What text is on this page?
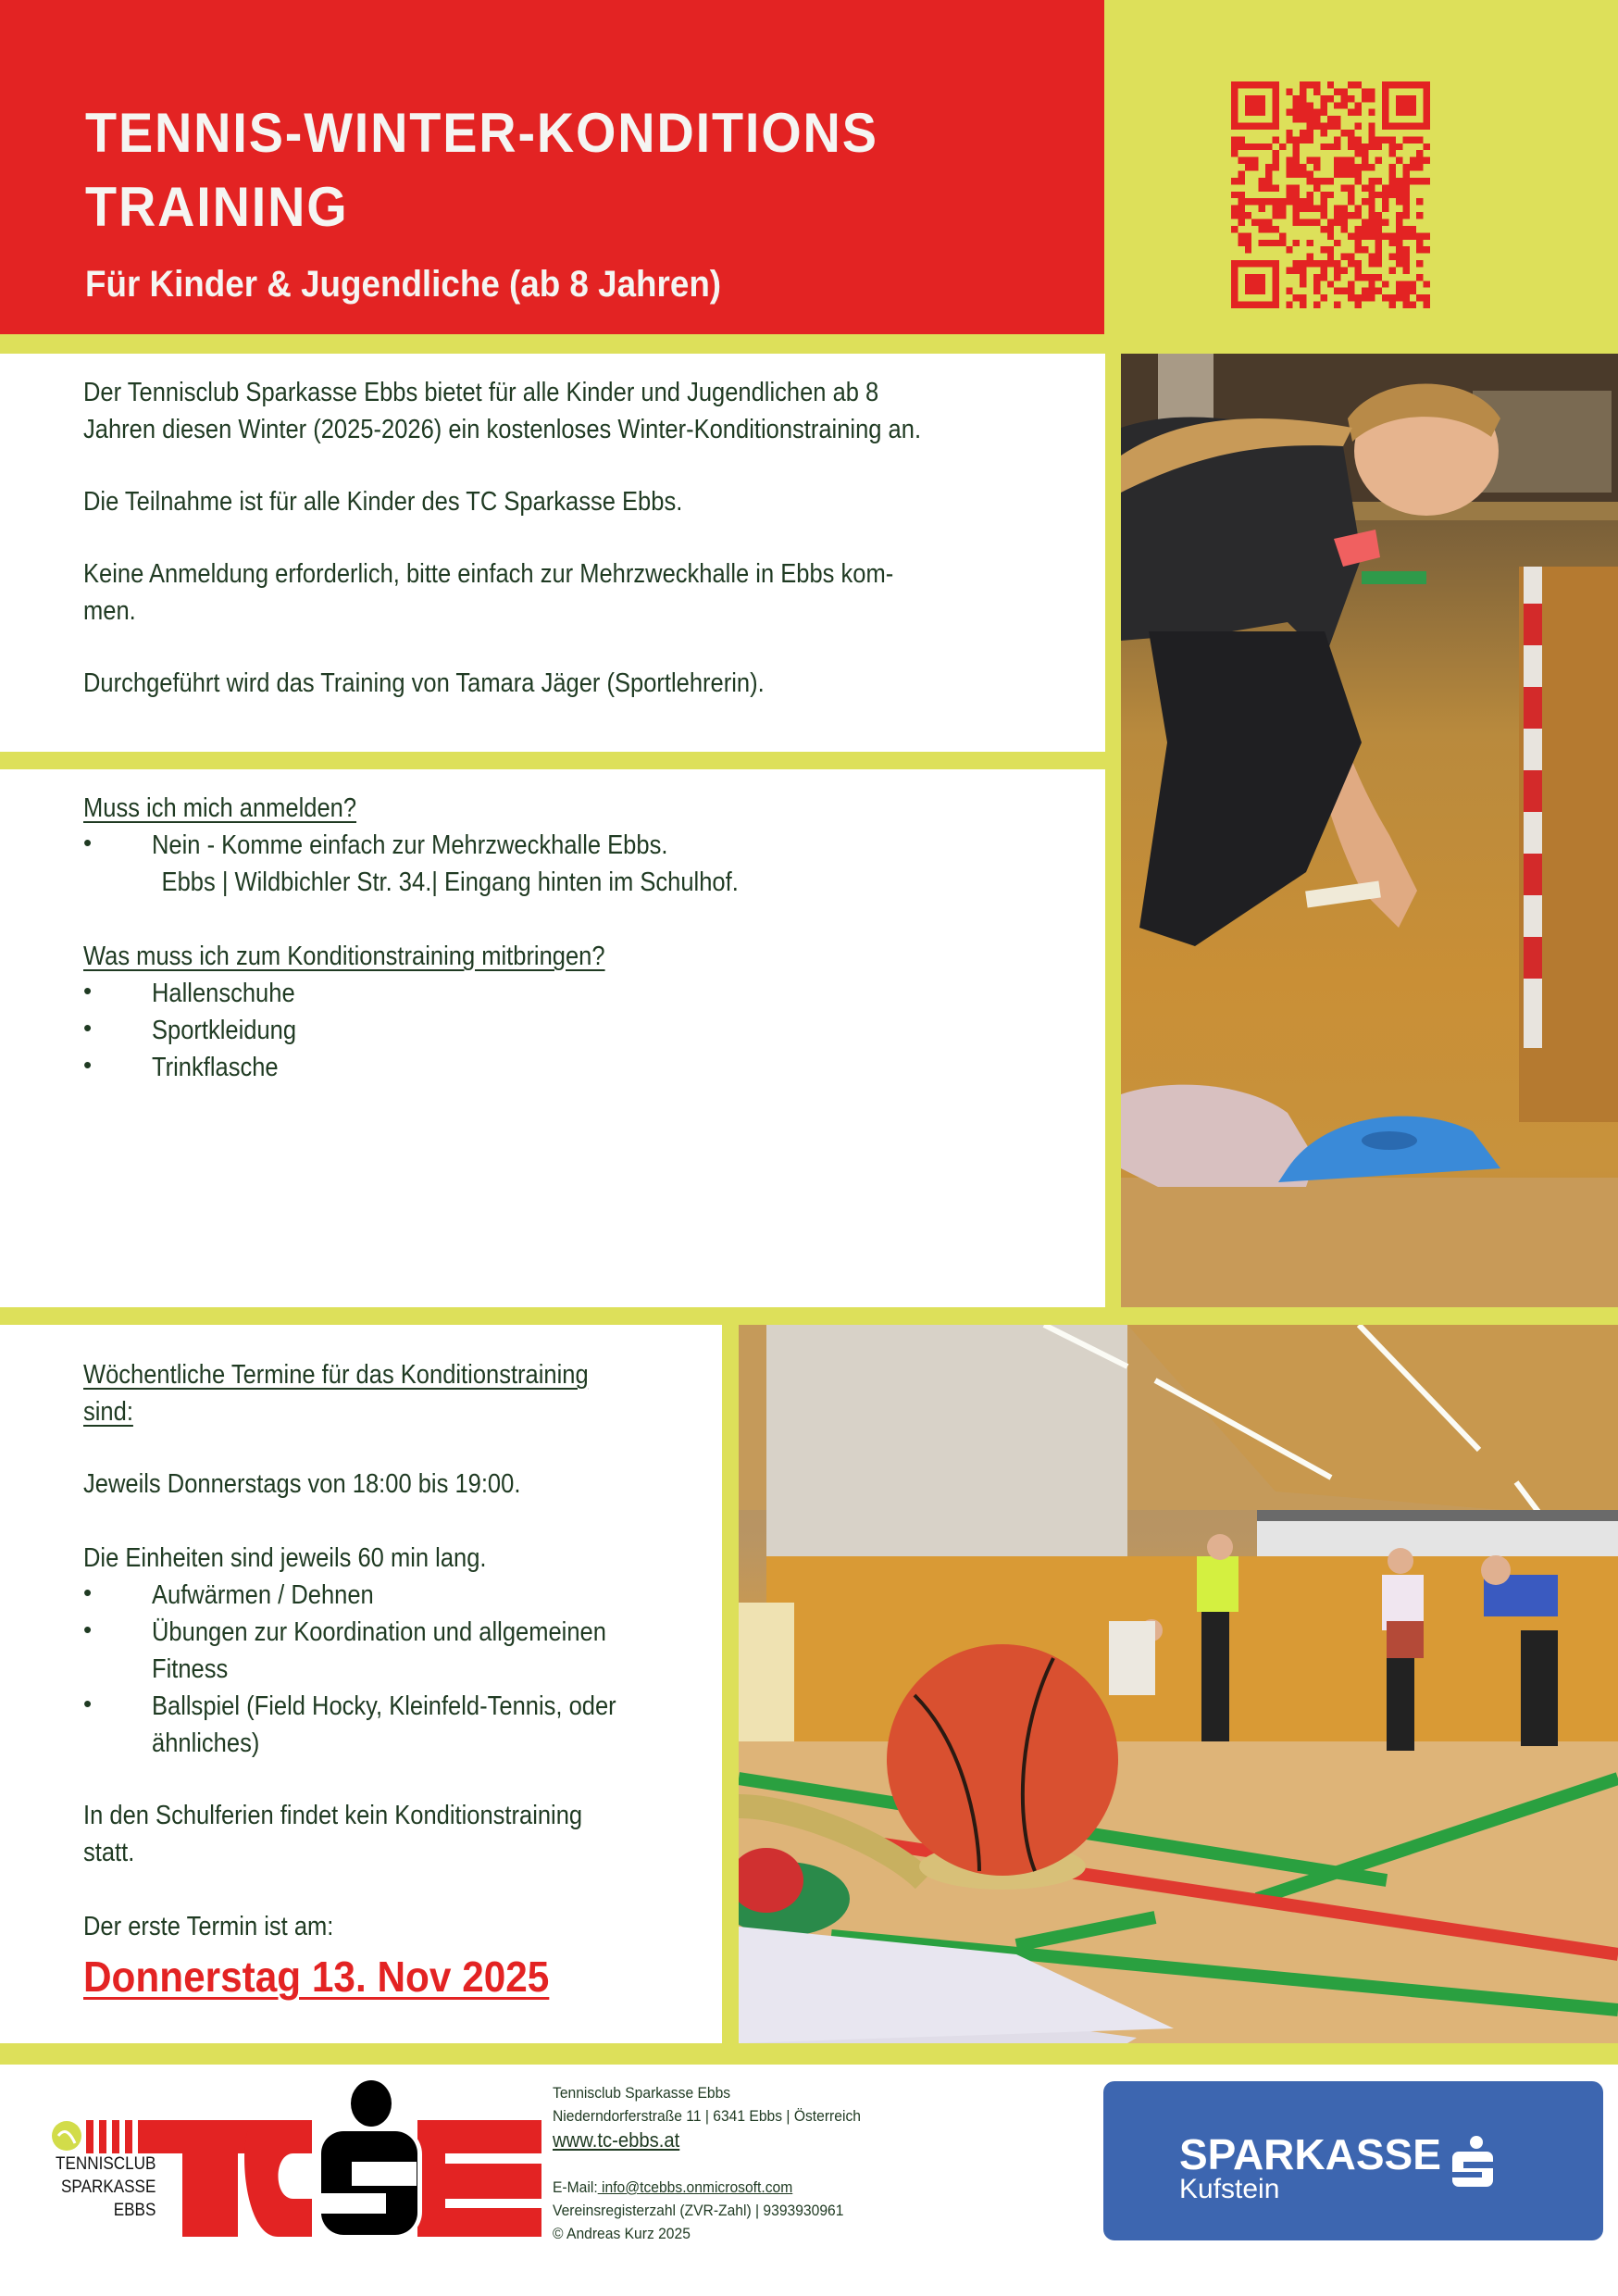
TENNIS-WINTER-KONDITIONS
TRAINING
Für Kinder & Jugendliche (ab 8 Jahren)
Der Tennisclub Sparkasse Ebbs bietet für alle Kinder und Jugendlichen ab 8
Jahren diesen Winter (2025-2026) ein kostenloses Winter-Konditionstraining an.
Die Teilnahme ist für alle Kinder des TC Sparkasse Ebbs.
Keine Anmeldung erforderlich, bitte einfach zur Mehrzweckhalle in Ebbs kom-
men.
Durchgeführt wird das Training von Tamara Jäger (Sportlehrerin).
Muss ich mich anmelden?
• Nein - Komme einfach zur Mehrzweckhalle Ebbs.
Ebbs | Wildbichler Str. 34.| Eingang hinten im Schulhof.
Was muss ich zum Konditionstraining mitbringen?
• Hallenschuhe
• Sportkleidung
• Trinkflasche
Wöchentliche Termine für das Konditionstraining
sind:
Jeweils Donnerstags von 18:00 bis 19:00.
Die Einheiten sind jeweils 60 min lang.
• Aufwärmen / Dehnen
• Übungen zur Koordination und allgemeinen
Fitness
• Ballspiel (Field Hocky, Kleinfeld-Tennis, oder
ähnliches)
In den Schulferien findet kein Konditionstraining
statt.
Der erste Termin ist am:
Donnerstag 13. Nov 2025
TENNISCLUB
SPARKASSE
EBBS
Tennisclub Sparkasse Ebbs
Niederndorferstraße 11 | 6341 Ebbs | Österreich
www.tc-ebbs.at
E-Mail: info@tcebbs.onmicrosoft.com
Vereinsregisterzahl (ZVR-Zahl) | 9393930961
© Andreas Kurz 2025
SPARKASSE
Kufstein
